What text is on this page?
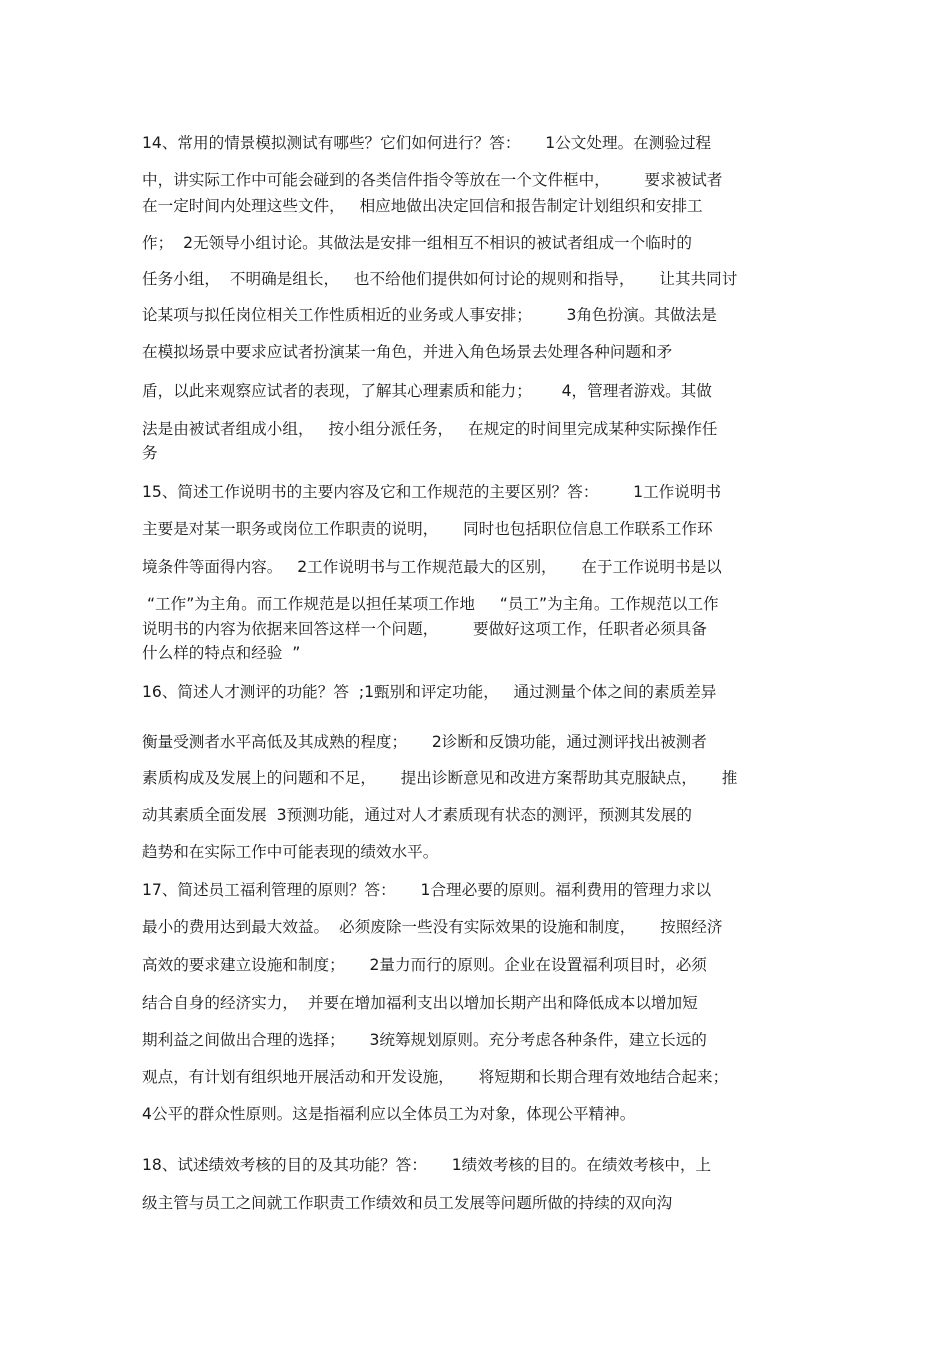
14、常用的情景模拟测试有哪些？它们如何进行？答：     1公文处理。在测验过程

中，讲实际工作中可能会碰到的各类信件指令等放在一个文件框中，       要求被试者

在一定时间内处理这些文件，   相应地做出决定回信和报告制定计划组织和安排工

作；  2无领导小组讨论。其做法是安排一组相互不相识的被试者组成一个临时的

任务小组，  不明确是组长，   也不给他们提供如何讨论的规则和指导，     让其共同讨

论某项与拟任岗位相关工作性质相近的业务或人事安排；       3角色扮演。其做法是

在模拟场景中要求应试者扮演某一角色，并进入角色场景去处理各种问题和矛

盾，以此来观察应试者的表现，了解其心理素质和能力；      4，管理者游戏。其做

法是由被试者组成小组，   按小组分派任务，   在规定的时间里完成某种实际操作任

务

15、简述工作说明书的主要内容及它和工作规范的主要区别？答：       1工作说明书

主要是对某一职务或岗位工作职责的说明，     同时也包括职位信息工作联系工作环

境条件等面得内容。   2工作说明书与工作规范最大的区别，     在于工作说明书是以

“工作”为主角。而工作规范是以担任某项工作地     “员工”为主角。工作规范以工作

说明书的内容为依据来回答这样一个问题，       要做好这项工作，任职者必须具备

什么样的特点和经验  ”

16、简述人才测评的功能？答  ;1甄别和评定功能，   通过测量个体之间的素质差异

衡量受测者水平高低及其成熟的程度；     2诊断和反馈功能，通过测评找出被测者

素质构成及发展上的问题和不足，     提出诊断意见和改进方案帮助其克服缺点，     推

动其素质全面发展  3预测功能，通过对人才素质现有状态的测评，预测其发展的

趋势和在实际工作中可能表现的绩效水平。

17、简述员工福利管理的原则？答：     1合理必要的原则。福利费用的管理力求以

最小的费用达到最大效益。  必须废除一些没有实际效果的设施和制度，     按照经济

高效的要求建立设施和制度；     2量力而行的原则。企业在设置福利项目时，必须

结合自身的经济实力，  并要在增加福利支出以增加长期产出和降低成本以增加短

期利益之间做出合理的选择；     3统筹规划原则。充分考虑各种条件，建立长远的

观点，有计划有组织地开展活动和开发设施，     将短期和长期合理有效地结合起来；

4公平的群众性原则。这是指福利应以全体员工为对象，体现公平精神。

18、试述绩效考核的目的及其功能？答：     1绩效考核的目的。在绩效考核中，上

级主管与员工之间就工作职责工作绩效和员工发展等问题所做的持续的双向沟
